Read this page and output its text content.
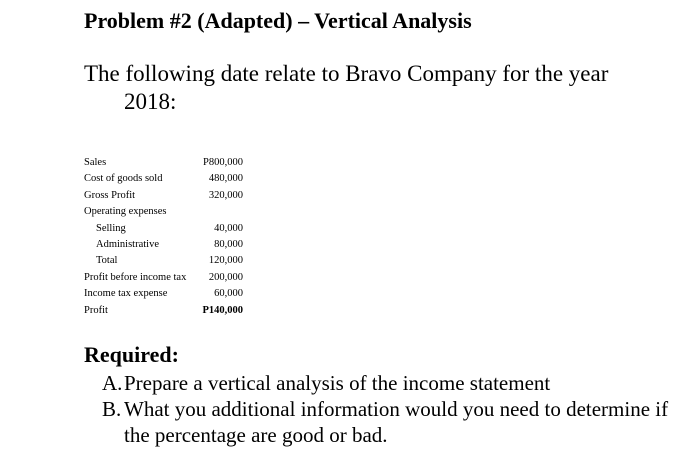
Problem #2 (Adapted) – Vertical Analysis
The following date relate to Bravo Company for the year
2018:
Sales	P800,000
Cost of goods sold	480,000
Gross Profit	320,000
Operating expenses
Selling	40,000
Administrative	80,000
Total	120,000
Profit before income tax	200,000
Income tax expense	60,000
Profit	P140,000
Required:
A. Prepare a vertical analysis of the income statement
B. What you additional information would you need to determine if the percentage are good or bad.
